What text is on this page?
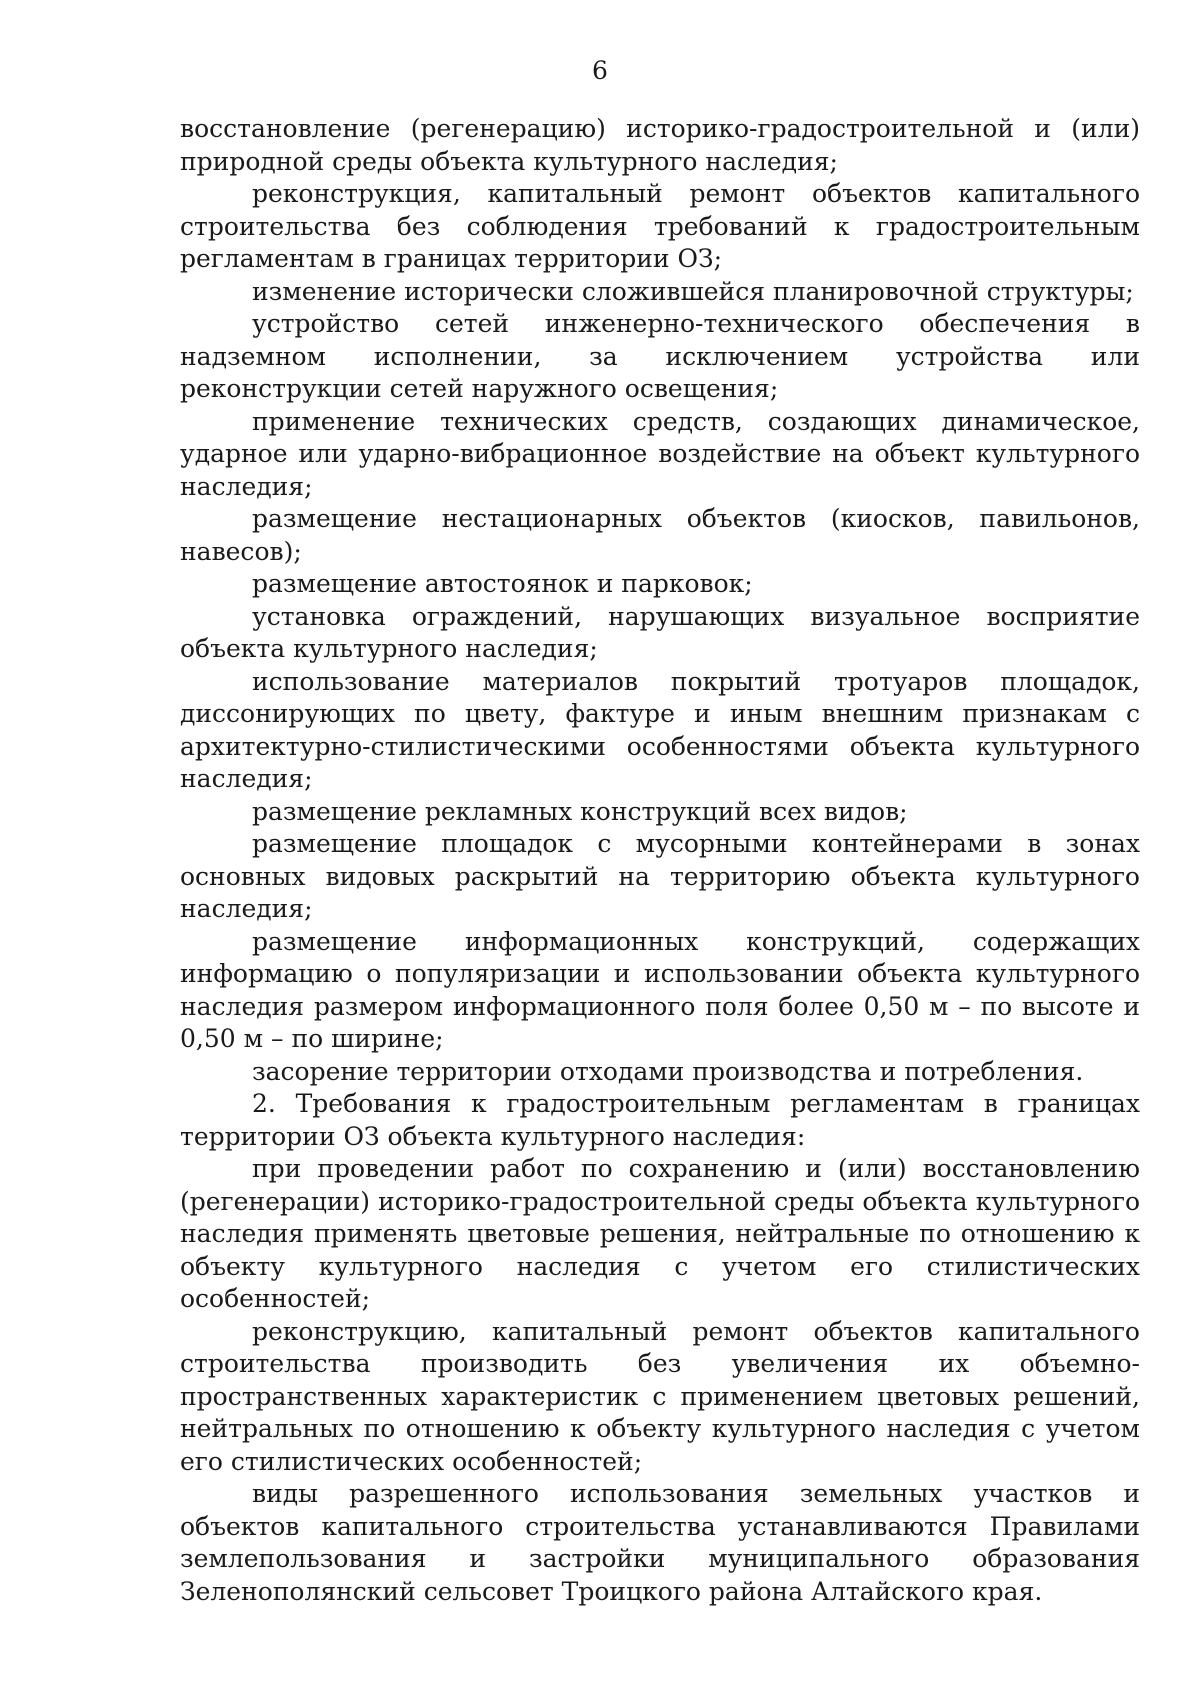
6

восстановление (регенерацию) историко-градостроительной и (или) природной среды объекта культурного наследия;

реконструкция, капитальный ремонт объектов капитального строительства без соблюдения требований к градостроительным регламентам в границах территории ОЗ;

изменение исторически сложившейся планировочной структуры;

устройство сетей инженерно-технического обеспечения в надземном исполнении, за исключением устройства или реконструкции сетей наружного освещения;

применение технических средств, создающих динамическое, ударное или ударно-вибрационное воздействие на объект культурного наследия;

размещение нестационарных объектов (киосков, павильонов, навесов);

размещение автостоянок и парковок;

установка ограждений, нарушающих визуальное восприятие объекта культурного наследия;

использование материалов покрытий тротуаров площадок, диссонирующих по цвету, фактуре и иным внешним признакам с архитектурно-стилистическими особенностями объекта культурного наследия;

размещение рекламных конструкций всех видов;

размещение площадок с мусорными контейнерами в зонах основных видовых раскрытий на территорию объекта культурного наследия;

размещение информационных конструкций, содержащих информацию о популяризации и использовании объекта культурного наследия размером информационного поля более 0,50 м – по высоте и 0,50 м – по ширине;

засорение территории отходами производства и потребления.

2. Требования к градостроительным регламентам в границах территории ОЗ объекта культурного наследия:

при проведении работ по сохранению и (или) восстановлению (регенерации) историко-градостроительной среды объекта культурного наследия применять цветовые решения, нейтральные по отношению к объекту культурного наследия с учетом его стилистических особенностей;

реконструкцию, капитальный ремонт объектов капитального строительства производить без увеличения их объемно-пространственных характеристик с применением цветовых решений, нейтральных по отношению к объекту культурного наследия с учетом его стилистических особенностей;

виды разрешенного использования земельных участков и объектов капитального строительства устанавливаются Правилами землепользования и застройки муниципального образования Зеленополянский сельсовет Троицкого района Алтайского края.
